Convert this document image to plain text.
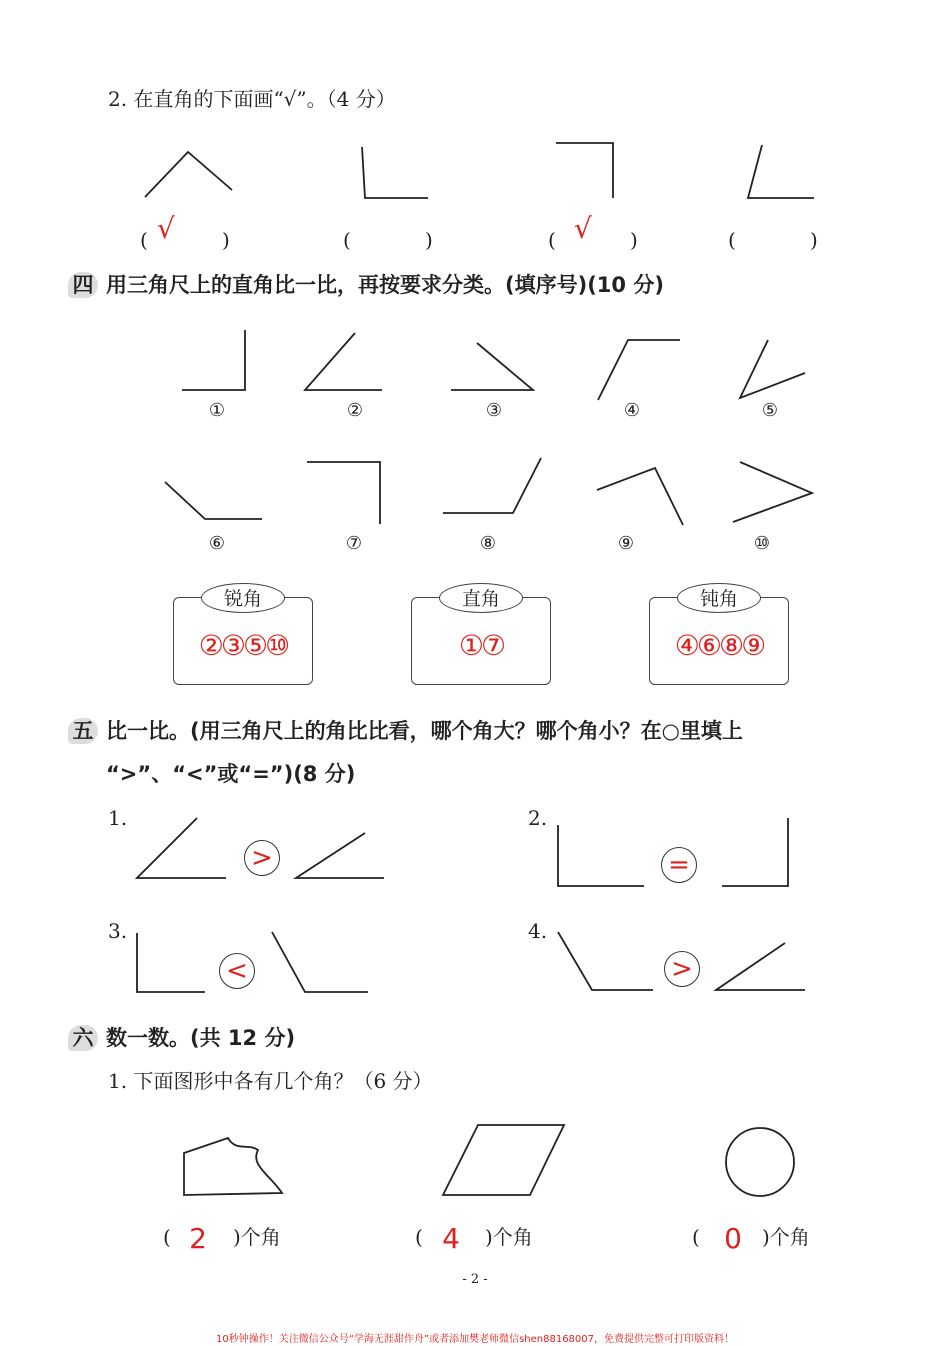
2. 在直角的下面画“√”。（4 分）
( √ )	(	)	( √ )	(	)
四 用三角尺上的直角比一比，再按要求分类。(填序号)(10 分)
①	②	③	④	⑤
⑥	⑦	⑧	⑨	⑩
锐角
②③⑤⑩
直角
①⑦
钝角
④⑥⑧⑨
五 比一比。(用三角尺上的角比比看，哪个角大？哪个角小？在○里填上
“>”、“<”或“=”)(8 分)
1.	2.
3.	4.
>	=
<	>
六 数一数。(共 12 分)
1. 下面图形中各有几个角？（6 分）
( 2	)个角	( 4	)个角	( 0	)个角
- 2 -
10秒钟操作！关注微信公众号“学海无涯甜作舟”或者添加樊老师微信shen88168007，免费提供完整可打印版资料！
